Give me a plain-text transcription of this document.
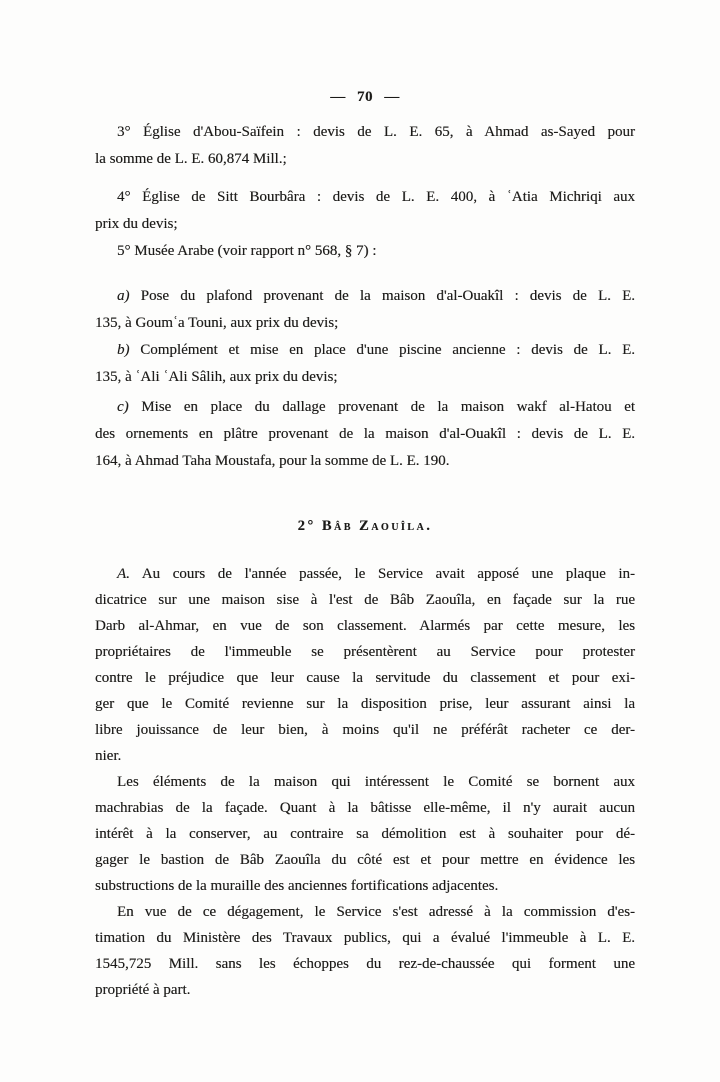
— 70 —
3° Église d'Abou-Saïfein : devis de L. E. 65, à Ahmad as-Sayed pour
la somme de L. E. 60,874 Mill.;
4° Église de Sitt Bourbâra : devis de L. E. 400, à ʿAtia Michriqi aux
prix du devis;
5° Musée Arabe (voir rapport n° 568, § 7) :
a) Pose du plafond provenant de la maison d'al-Ouakîl : devis de L. E.
135, à Goumʿa Touni, aux prix du devis;
b) Complément et mise en place d'une piscine ancienne : devis de L. E.
135, à ʿAli ʿAli Sâlih, aux prix du devis;
c) Mise en place du dallage provenant de la maison wakf al-Hatou et
des ornements en plâtre provenant de la maison d'al-Ouakîl : devis de L. E.
164, à Ahmad Taha Moustafa, pour la somme de L. E. 190.
2° Bâb Zaouîla.
A. Au cours de l'année passée, le Service avait apposé une plaque in-
dicatrice sur une maison sise à l'est de Bâb Zaouîla, en façade sur la rue
Darb al-Ahmar, en vue de son classement. Alarmés par cette mesure, les
propriétaires de l'immeuble se présentèrent au Service pour protester
contre le préjudice que leur cause la servitude du classement et pour exi-
ger que le Comité revienne sur la disposition prise, leur assurant ainsi la
libre jouissance de leur bien, à moins qu'il ne préférât racheter ce der-
nier.
Les éléments de la maison qui intéressent le Comité se bornent aux
machrabias de la façade. Quant à la bâtisse elle-même, il n'y aurait aucun
intérêt à la conserver, au contraire sa démolition est à souhaiter pour dé-
gager le bastion de Bâb Zaouîla du côté est et pour mettre en évidence les
substructions de la muraille des anciennes fortifications adjacentes.
En vue de ce dégagement, le Service s'est adressé à la commission d'es-
timation du Ministère des Travaux publics, qui a évalué l'immeuble à L. E.
1545,725 Mill. sans les échoppes du rez-de-chaussée qui forment une
propriété à part.
